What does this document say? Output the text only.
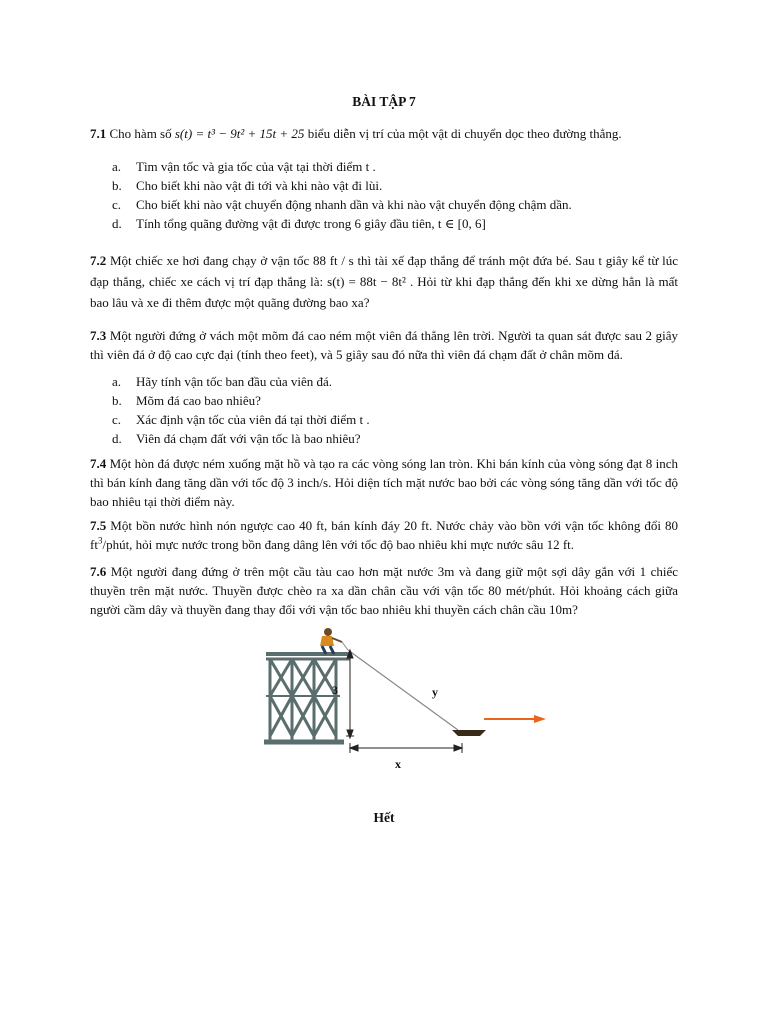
BÀI TẬP 7
7.1 Cho hàm số s(t) = t³ − 9t² + 15t + 25 biểu diễn vị trí của một vật di chuyển dọc theo đường thẳng.
a. Tìm vận tốc và gia tốc của vật tại thời điểm t .
b. Cho biết khi nào vật đi tới và khi nào vật đi lùi.
c. Cho biết khi nào vật chuyển động nhanh dần và khi nào vật chuyển động chậm dần.
d. Tính tổng quãng đường vật đi được trong 6 giây đầu tiên, t ∈ [0, 6]
7.2 Một chiếc xe hơi đang chạy ở vận tốc 88 ft / s thì tài xế đạp thắng để tránh một đứa bé. Sau t giây kể từ lúc đạp thắng, chiếc xe cách vị trí đạp thắng là: s(t) = 88t − 8t² . Hỏi từ khi đạp thắng đến khi xe dừng hẳn là mất bao lâu và xe đi thêm được một quãng đường bao xa?
7.3 Một người đứng ở vách một mõm đá cao ném một viên đá thẳng lên trời. Người ta quan sát được sau 2 giây thì viên đá ở độ cao cực đại (tính theo feet), và 5 giây sau đó nữa thì viên đá chạm đất ở chân mõm đá.
a. Hãy tính vận tốc ban đầu của viên đá.
b. Mõm đá cao bao nhiêu?
c. Xác định vận tốc của viên đá tại thời điểm t .
d. Viên đá chạm đất với vận tốc là bao nhiêu?
7.4 Một hòn đá được ném xuống mặt hồ và tạo ra các vòng sóng lan tròn. Khi bán kính của vòng sóng đạt 8 inch thì bán kính đang tăng dần với tốc độ 3 inch/s. Hỏi diện tích mặt nước bao bởi các vòng sóng tăng dần với tốc độ bao nhiêu tại thời điểm này.
7.5 Một bồn nước hình nón ngược cao 40 ft, bán kính đáy 20 ft. Nước chảy vào bồn với vận tốc không đổi 80 $ft^3$/phút, hỏi mực nước trong bồn đang dâng lên với tốc độ bao nhiêu khi mực nước sâu 12 ft.
7.6 Một người đang đứng ở trên một cầu tàu cao hơn mặt nước 3m và đang giữ một sợi dây gắn với 1 chiếc thuyền trên mặt nước. Thuyền được chèo ra xa dần chân cầu với vận tốc 80 mét/phút. Hỏi khoảng cách giữa người cầm dây và thuyền đang thay đổi với vận tốc bao nhiêu khi thuyền cách chân cầu 10m?
3	y
x
Hết
